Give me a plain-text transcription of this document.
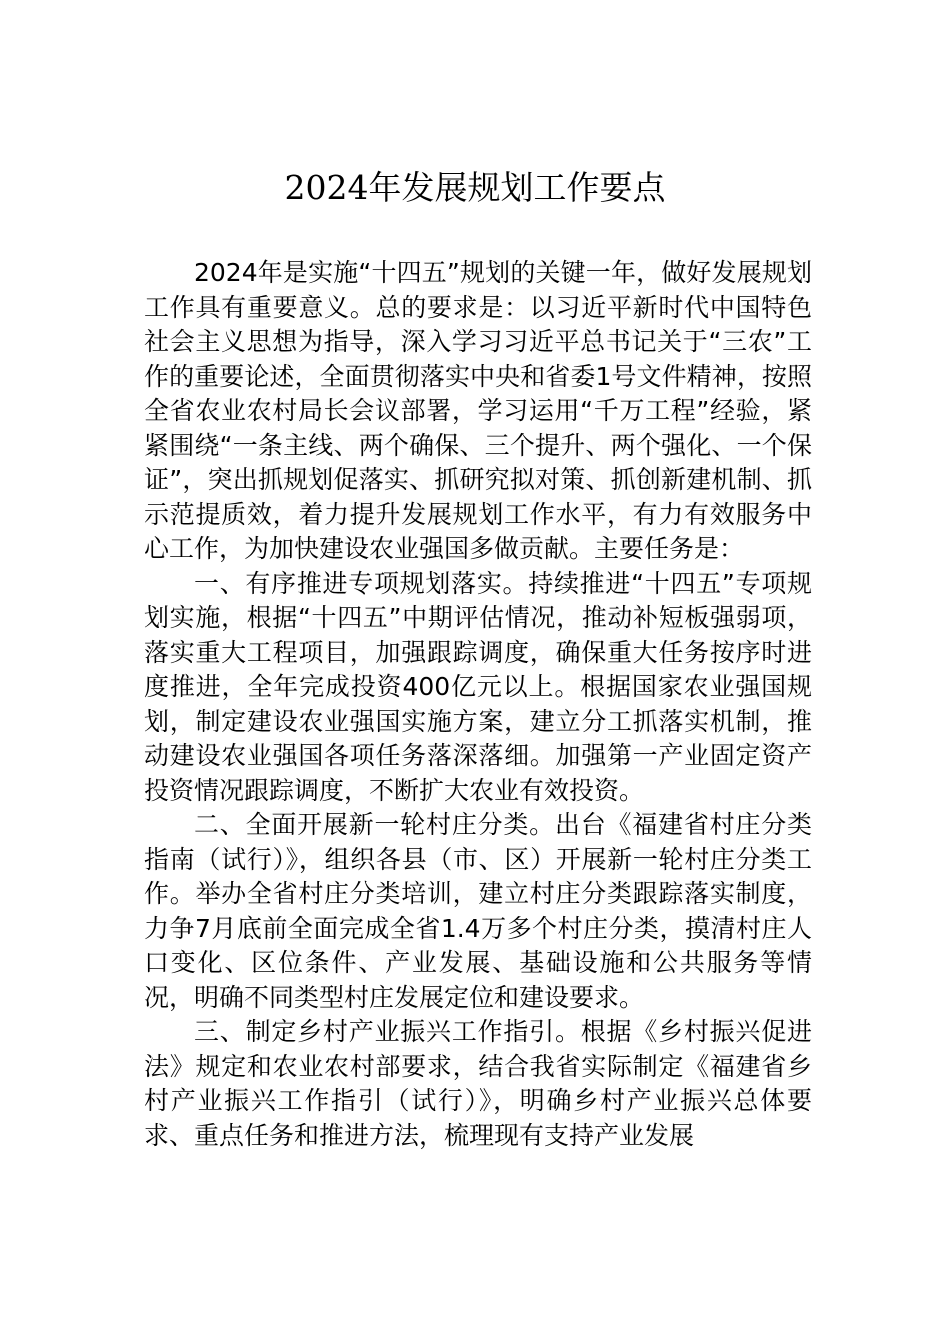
2024年发展规划工作要点

2024年是实施“十四五”规划的关键一年，做好发展规划工作具有重要意义。总的要求是：以习近平新时代中国特色社会主义思想为指导，深入学习习近平总书记关于“三农”工作的重要论述，全面贯彻落实中央和省委1号文件精神，按照全省农业农村局长会议部署，学习运用“千万工程”经验，紧紧围绕“一条主线、两个确保、三个提升、两个强化、一个保证”，突出抓规划促落实、抓研究拟对策、抓创新建机制、抓示范提质效，着力提升发展规划工作水平，有力有效服务中心工作，为加快建设农业强国多做贡献。主要任务是：

一、有序推进专项规划落实。持续推进“十四五”专项规划实施，根据“十四五”中期评估情况，推动补短板强弱项，落实重大工程项目，加强跟踪调度，确保重大任务按序时进度推进，全年完成投资400亿元以上。根据国家农业强国规划，制定建设农业强国实施方案，建立分工抓落实机制，推动建设农业强国各项任务落深落细。加强第一产业固定资产投资情况跟踪调度，不断扩大农业有效投资。

二、全面开展新一轮村庄分类。出台《福建省村庄分类指南（试行）》，组织各县（市、区）开展新一轮村庄分类工作。举办全省村庄分类培训，建立村庄分类跟踪落实制度，力争7月底前全面完成全省1.4万多个村庄分类，摸清村庄人口变化、区位条件、产业发展、基础设施和公共服务等情况，明确不同类型村庄发展定位和建设要求。

三、制定乡村产业振兴工作指引。根据《乡村振兴促进法》规定和农业农村部要求，结合我省实际制定《福建省乡村产业振兴工作指引（试行）》，明确乡村产业振兴总体要求、重点任务和推进方法，梳理现有支持产业发展
